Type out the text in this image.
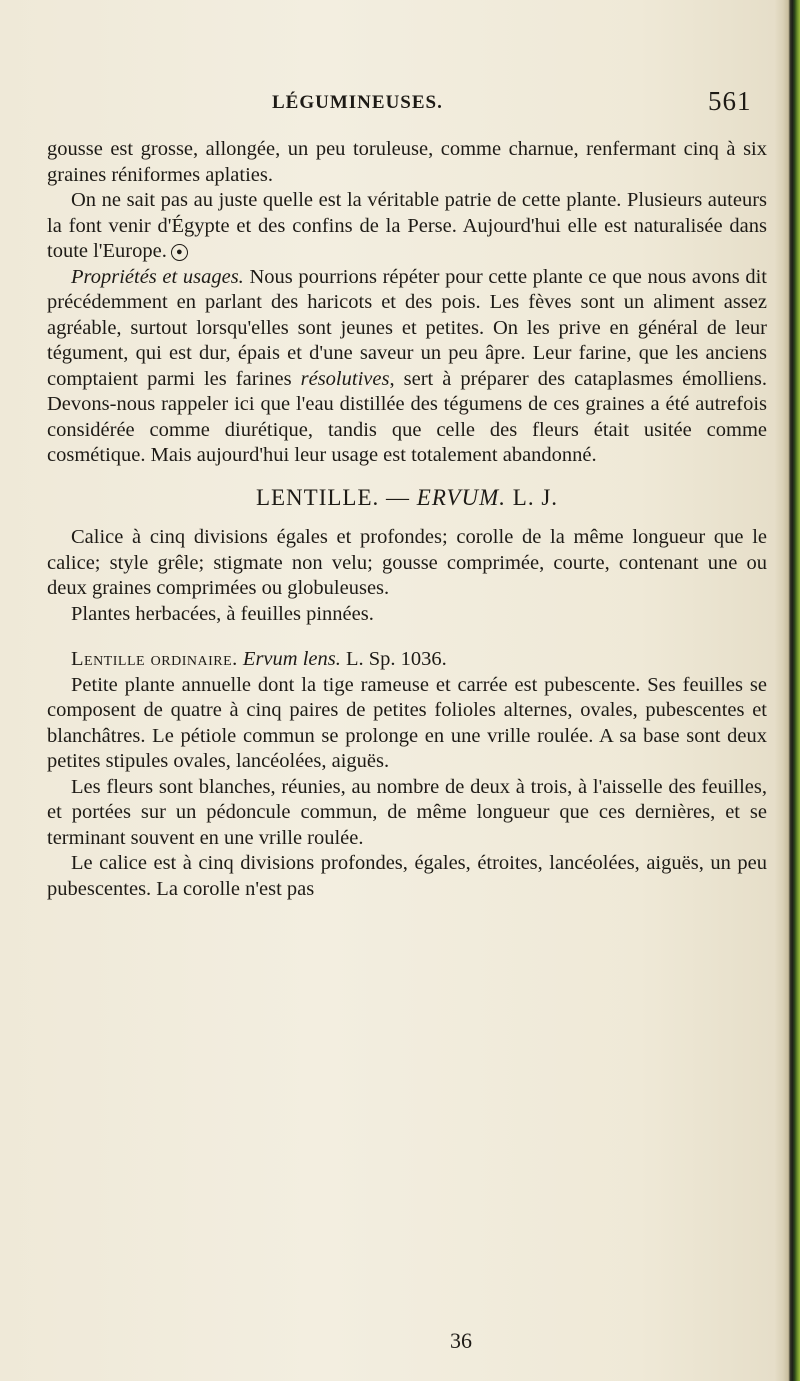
LÉGUMINEUSES.	561

gousse est grosse, allongée, un peu toruleuse, comme charnue, renfermant cinq à six graines réniformes aplaties.

On ne sait pas au juste quelle est la véritable patrie de cette plante. Plusieurs auteurs la font venir d'Égypte et des confins de la Perse. Aujourd'hui elle est naturalisée dans toute l'Europe. ●

Propriétés et usages. Nous pourrions répéter pour cette plante ce que nous avons dit précédemment en parlant des haricots et des pois. Les fèves sont un aliment assez agréable, surtout lorsqu'elles sont jeunes et petites. On les prive en général de leur tégument, qui est dur, épais et d'une saveur un peu âpre. Leur farine, que les anciens comptaient parmi les farines résolutives, sert à préparer des cataplasmes émolliens. Devons-nous rappeler ici que l'eau distillée des tégumens de ces graines a été autrefois considérée comme diurétique, tandis que celle des fleurs était usitée comme cosmétique. Mais aujourd'hui leur usage est totalement abandonné.

LENTILLE. — ERVUM. L. J.

Calice à cinq divisions égales et profondes; corolle de la même longueur que le calice; style grêle; stigmate non velu; gousse comprimée, courte, contenant une ou deux graines comprimées ou globuleuses.

Plantes herbacées, à feuilles pinnées.

Lentille ordinaire. Ervum lens. L. Sp. 1036.

Petite plante annuelle dont la tige rameuse et carrée est pubescente. Ses feuilles se composent de quatre à cinq paires de petites folioles alternes, ovales, pubescentes et blanchâtres. Le pétiole commun se prolonge en une vrille roulée. A sa base sont deux petites stipules ovales, lancéolées, aiguës.

Les fleurs sont blanches, réunies, au nombre de deux à trois, à l'aisselle des feuilles, et portées sur un pédoncule commun, de même longueur que ces dernières, et se terminant souvent en une vrille roulée.

Le calice est à cinq divisions profondes, égales, étroites, lancéolées, aiguës, un peu pubescentes. La corolle n'est pas

36
